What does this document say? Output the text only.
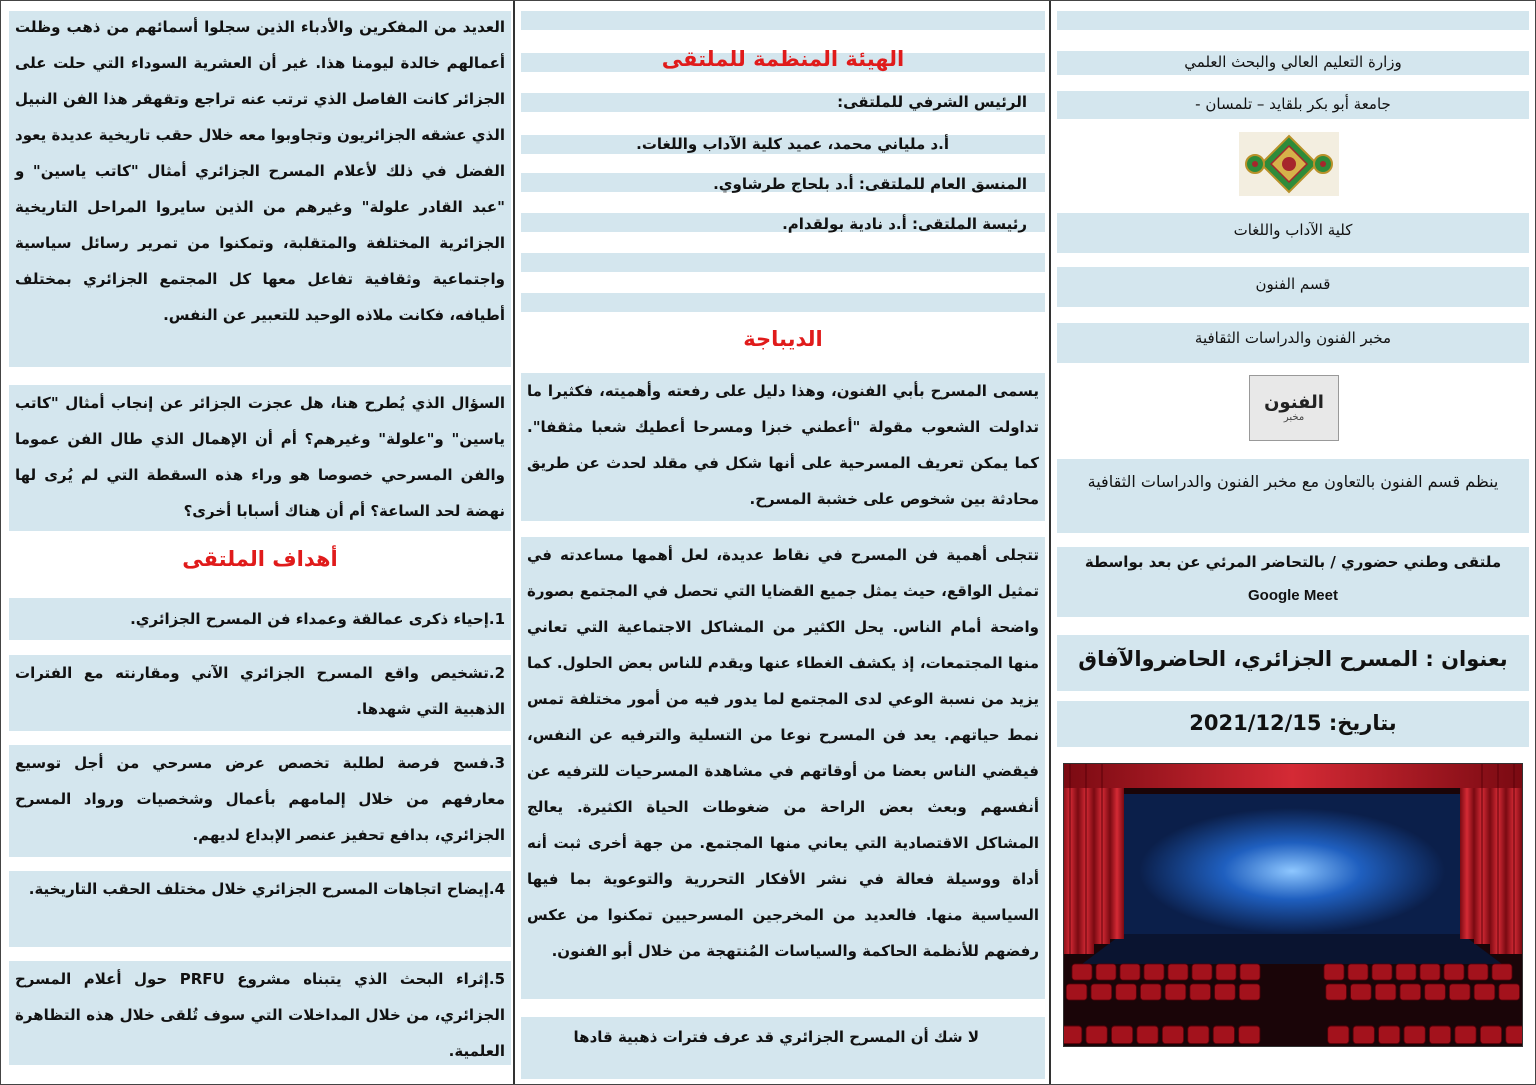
العديد من المفكرين والأدباء الذين سجلوا أسمائهم من ذهب وظلت أعمالهم خالدة ليومنا هذا. غير أن العشرية السوداء التي حلت على الجزائر كانت الفاصل الذي ترتب عنه تراجع وتقهقر هذا الفن النبيل الذي عشقه الجزائريون وتجاوبوا معه خلال حقب تاريخية عديدة يعود الفضل في ذلك لأعلام المسرح الجزائري أمثال "كاتب ياسين" و "عبد القادر علولة" وغيرهم من الذين سايروا المراحل التاريخية الجزائرية المختلفة والمتقلبة، وتمكنوا من تمرير رسائل سياسية واجتماعية وثقافية تفاعل معها كل المجتمع الجزائري بمختلف أطيافه، فكانت ملاذه الوحيد للتعبير عن النفس.
السؤال الذي يُطرح هنا، هل عجزت الجزائر عن إنجاب أمثال "كاتب ياسين" و"علولة" وغيرهم؟ أم أن الإهمال الذي طال الفن عموما والفن المسرحي خصوصا هو وراء هذه السقطة التي لم يُرى لها نهضة لحد الساعة؟ أم أن هناك أسبابا أخرى؟
أهداف الملتقى
1.إحياء ذكرى عمالقة وعمداء فن المسرح الجزائري.
2.تشخيص واقع المسرح الجزائري الآني ومقارنته مع الفترات الذهبية التي شهدها.
3.فسح فرصة لطلبة تخصص عرض مسرحي من أجل توسيع معارفهم من خلال إلمامهم بأعمال وشخصيات ورواد المسرح الجزائري، بدافع تحفيز عنصر الإبداع لديهم.
4.إيضاح اتجاهات المسرح الجزائري خلال مختلف الحقب التاريخية.
5.إثراء البحث الذي يتبناه مشروع PRFU حول أعلام المسرح الجزائري، من خلال المداخلات التي سوف تُلقى خلال هذه التظاهرة العلمية.
الهيئة المنظمة للملتقى
الرئيس الشرفي للملتقى:
أ.د ملياني محمد، عميد كلية الآداب واللغات.
المنسق العام للملتقى: أ.د بلحاج طرشاوي.
رئيسة الملتقى: أ.د نادية بولقدام.
الديباجة
يسمى المسرح بأبي الفنون، وهذا دليل على رفعته وأهميته، فكثيرا ما تداولت الشعوب مقولة "أعطني خبزا ومسرحا أعطيك شعبا مثقفا". كما يمكن تعريف المسرحية على أنها شكل في مقلد لحدث عن طريق محادثة بين شخوص على خشبة المسرح.
تتجلى أهمية فن المسرح في نقاط عديدة، لعل أهمها مساعدته في تمثيل الواقع، حيث يمثل جميع القضايا التي تحصل في المجتمع بصورة واضحة أمام الناس. يحل الكثير من المشاكل الاجتماعية التي تعاني منها المجتمعات، إذ يكشف الغطاء عنها ويقدم للناس بعض الحلول. كما يزيد من نسبة الوعي لدى المجتمع لما يدور فيه من أمور مختلفة تمس نمط حياتهم. يعد فن المسرح نوعا من التسلية والترفيه عن النفس، فيقضي الناس بعضا من أوقاتهم في مشاهدة المسرحيات للترفيه عن أنفسهم وبعث بعض الراحة من ضغوطات الحياة الكثيرة. يعالج المشاكل الاقتصادية التي يعاني منها المجتمع. من جهة أخرى ثبت أنه أداة ووسيلة فعالة في نشر الأفكار التحررية والتوعوية بما فيها السياسية منها. فالعديد من المخرجين المسرحيين تمكنوا من عكس رفضهم للأنظمة الحاكمة والسياسات المُنتهجة من خلال أبو الفنون.
لا شك أن المسرح الجزائري قد عرف فترات ذهبية قادها
وزارة التعليم العالي والبحث العلمي
جامعة أبو بكر بلقايد – تلمسان -
كلية الآداب واللغات
قسم الفنون
مخبر الفنون والدراسات الثقافية
الفنون
مخبر
ينظم قسم الفنون بالتعاون مع مخبر الفنون والدراسات الثقافية
ملتقى وطني حضوري / بالتحاضر المرئي عن بعد بواسطة
Google Meet
بعنوان : المسرح الجزائري، الحاضروالآفاق
بتاريخ: 2021/12/15
